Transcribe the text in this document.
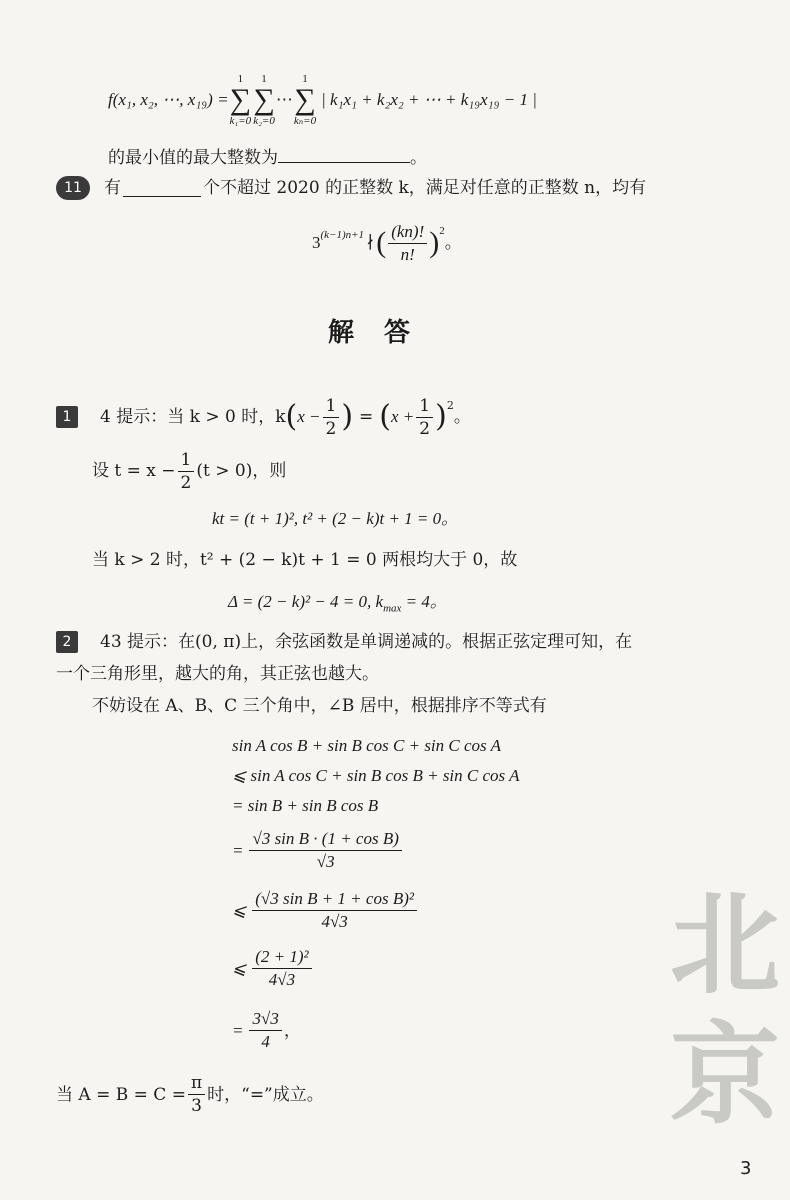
北
京
f(x₁, x₂, ⋯, x₁₉) =
1
∑
k₁=0
1
∑
k₂=0
⋯
1
∑
kₙ=0
| k₁x₁ + k₂x₂ + ⋯ + k₁₉x₁₉ − 1 |
的最小值的最大整数为	。
11	有	个不超过 2020 的正整数 k，满足对任意的正整数 n，均有
$3^{(k-1)n+1}$ ∤ ( $\frac{(kn)!}{n!} )^2$
。
解答
1	4 提示：当 k > 0 时，k ( $x - \frac{1}{2}$ ) = ( $x + \frac{1}{2} )^2$
。
设 $t = x - \frac{1}{2} (t > 0)$，则
kt = (t + 1)², t² + (2 − k)t + 1 = 0。
当 k > 2 时，t² + (2 − k)t + 1 = 0 两根均大于 0，故
Δ = (2 − k)² − 4 = 0, $k_{max} = 4$。
2	43 提示：在(0, π)上，余弦函数是单调递减的。根据正弦定理可知，在
一个三角形里，越大的角，其正弦也越大。
不妨设在 A、B、C 三个角中，∠B 居中，根据排序不等式有
sin A cos B + sin B cos C + sin C cos A
⩽ sin A cos C + sin B cos B + sin C cos A
= sin B + sin B cos B
= $\frac{\text{√3 sin B · (1 + cos B)}}{√3}$
⩽ $\frac{\text{(√3 sin B + 1 + cos B)²}}{4√3}$
⩽ $\frac{\text{(2 + 1)²}}{4√3}$
= $\frac{3√3}{4}$ ，
当 $A = B = C = \frac{\pi}{3}$ 时，“=”成立。
3
